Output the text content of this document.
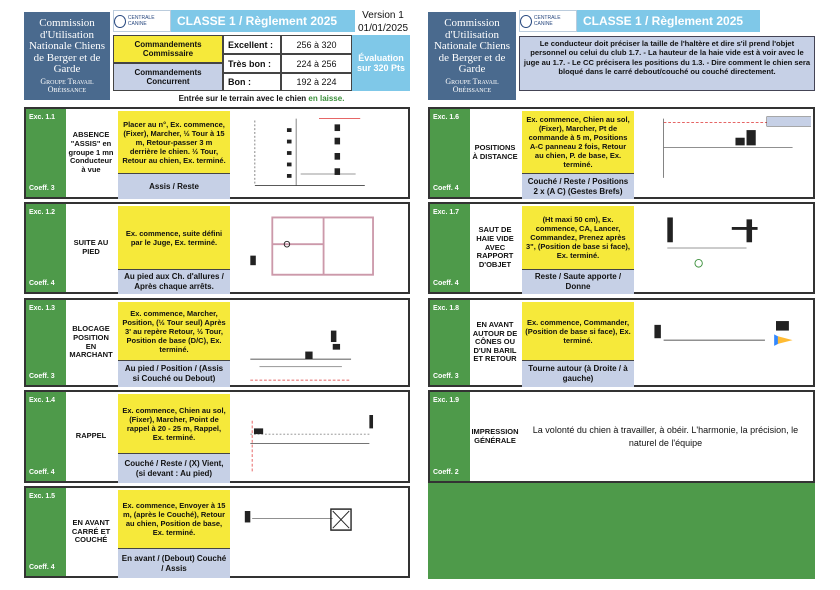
Commission d'Utilisation Nationale Chiens de Berger et de Garde
Groupe Travail Obéissance
CENTRALE CANINE	CLASSE 1 / Règlement 2025	Version 1
01/01/2025
Commandements Commissaire
Commandements Concurrent
Excellent :	256 à 320
Très bon :	224 à 256
Bon :	192 à 224
Évaluation sur 320 Pts
Entrée sur le terrain avec le chien en laisse.
Commission d'Utilisation Nationale Chiens de Berger et de Garde
Groupe Travail Obéissance
CENTRALE CANINE	CLASSE 1 / Règlement 2025
Le conducteur doit préciser la taille de l'haltère et dire s'il prend l'objet personnel ou celui du club 1.7. - La hauteur de la haie vide est à voir avec le juge au 1.7. - Le CC précisera les positions du 1.3. - Dire comment le chien sera bloqué dans le carré debout/couché ou couché directement.
Exc. 1.1
Coeff. 3
ABSENCE "ASSIS" en groupe 1 mn Conducteur à vue
Placer au n°, Ex. commence, (Fixer), Marcher, ½ Tour à 15 m, Retour-passer 3 m derrière le chien. ½ Tour, Retour au chien, Ex. terminé.
Assis / Reste
Exc. 1.2
Coeff. 4
SUITE AU PIED
Ex. commence, suite défini par le Juge, Ex. terminé.
Au pied aux Ch. d'allures / Après chaque arrêts.
Exc. 1.3
Coeff. 3
BLOCAGE POSITION EN MARCHANT
Ex. commence, Marcher, Position, (½ Tour seul) Après 3' au repère Retour, ½ Tour, Position de base (D/C), Ex. terminé.
Au pied / Position / (Assis si Couché ou Debout)
Exc. 1.4
Coeff. 4
RAPPEL
Ex. commence, Chien au sol, (Fixer), Marcher, Point de rappel à 20 - 25 m, Rappel, Ex. terminé.
Couché / Reste / (X) Vient, (si devant : Au pied)
Exc. 1.5
Coeff. 4
EN AVANT CARRÉ ET COUCHÉ
Ex. commence, Envoyer à 15 m, (après le Couché), Retour au chien, Position de base, Ex. terminé.
En avant / (Debout) Couché / Assis
Exc. 1.6
Coeff. 4
POSITIONS À DISTANCE
Ex. commence, Chien au sol, (Fixer), Marcher, Pt de commande à 5 m, Positions A-C panneau 2 fois, Retour au chien, P. de base, Ex. terminé.
Couché / Reste / Positions 2 x (A C) (Gestes Brefs)
Exc. 1.7
Coeff. 4
SAUT DE HAIE VIDE AVEC RAPPORT D'OBJET
(Ht maxi 50 cm), Ex. commence, CA, Lancer, Commandez, Prenez après 3", (Position de base si face), Ex. terminé.
Reste / Saute apporte / Donne
Exc. 1.8
Coeff. 3
EN AVANT AUTOUR DE CÔNES OU D'UN BARIL ET RETOUR
Ex. commence, Commander, (Position de base si face), Ex. terminé.
Tourne autour (à Droite / à gauche)
Exc. 1.9
Coeff. 2
IMPRESSION GÉNÉRALE
La volonté du chien à travailler, à obéir. L'harmonie, la précision, le naturel de l'équipe
